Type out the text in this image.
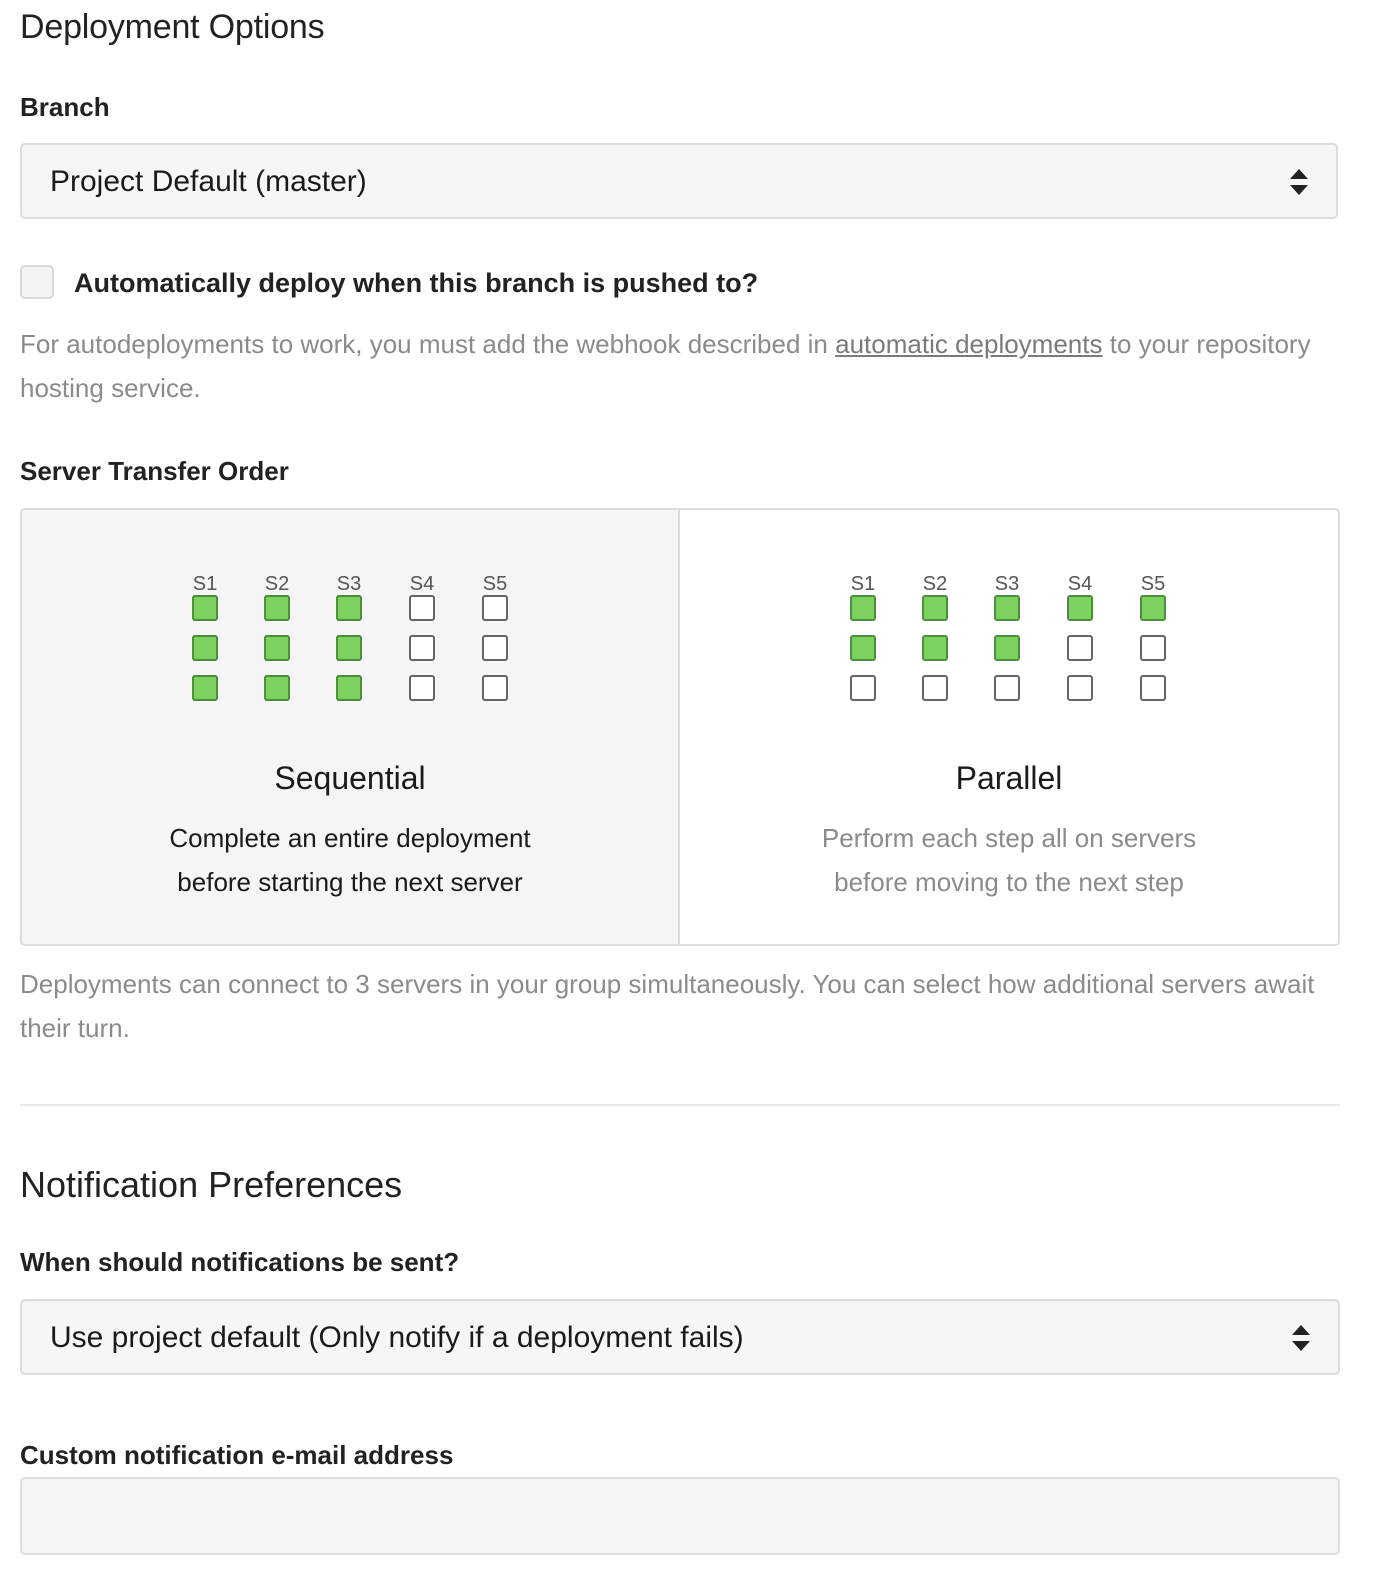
Deployment Options
Branch
Project Default (master)
Automatically deploy when this branch is pushed to?
For autodeployments to work, you must add the webhook described in automatic deployments to your repository hosting service.
Server Transfer Order
S1	S2	S3	S4	S5
Sequential
Complete an entire deployment
before starting the next server
S1	S2	S3	S4	S5
Parallel
Perform each step all on servers
before moving to the next step
Deployments can connect to 3 servers in your group simultaneously. You can select how additional servers await their turn.
Notification Preferences
When should notifications be sent?
Use project default (Only notify if a deployment fails)
Custom notification e-mail address
